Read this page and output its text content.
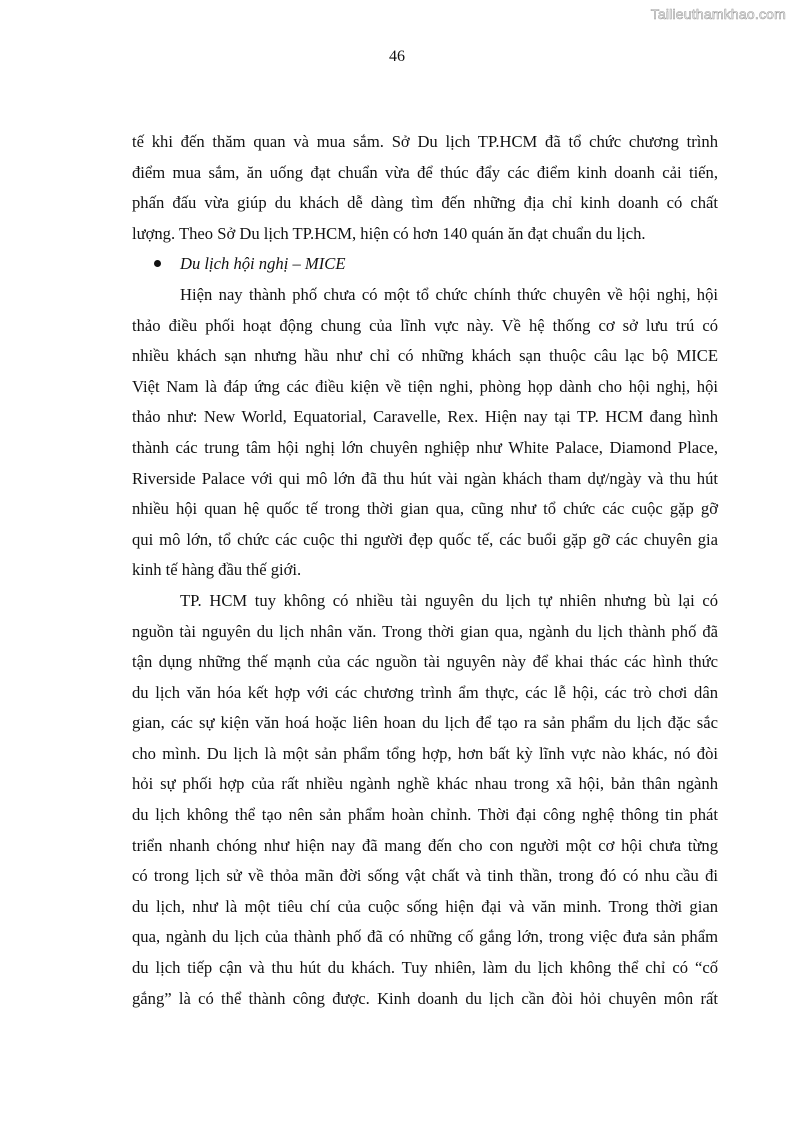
Tailieuthamkhao.com
46
tế khi đến thăm quan và mua sắm. Sở Du lịch TP.HCM đã tổ chức chương trình
điểm mua sắm, ăn uống đạt chuẩn vừa để thúc đẩy các điểm kinh doanh cải tiến,
phấn đấu vừa giúp du khách dễ dàng tìm đến những địa chỉ kinh doanh có chất
lượng. Theo Sở Du lịch TP.HCM, hiện có hơn 140 quán ăn đạt chuẩn du lịch.
Du lịch hội nghị – MICE
Hiện nay thành phố chưa có một tổ chức chính thức chuyên về hội nghị, hội
thảo điều phối hoạt động chung của lĩnh vực này. Về hệ thống cơ sở lưu trú có
nhiều khách sạn nhưng hầu như chỉ có những khách sạn thuộc câu lạc bộ MICE
Việt Nam là đáp ứng các điều kiện về tiện nghi, phòng họp dành cho hội nghị, hội
thảo như: New World, Equatorial, Caravelle, Rex. Hiện nay tại TP. HCM đang hình
thành các trung tâm hội nghị lớn chuyên nghiệp như White Palace, Diamond Place,
Riverside Palace với qui mô lớn đã thu hút vài ngàn khách tham dự/ngày và thu hút
nhiều hội quan hệ quốc tế trong thời gian qua, cũng như tổ chức các cuộc gặp gỡ
qui mô lớn, tổ chức các cuộc thi người đẹp quốc tế, các buổi gặp gỡ các chuyên gia
kinh tế hàng đầu thế giới.
TP. HCM tuy không có nhiều tài nguyên du lịch tự nhiên nhưng bù lại có
nguồn tài nguyên du lịch nhân văn. Trong thời gian qua, ngành du lịch thành phố đã
tận dụng những thế mạnh của các nguồn tài nguyên này để khai thác các hình thức
du lịch văn hóa kết hợp với các chương trình ẩm thực, các lễ hội, các trò chơi dân
gian, các sự kiện văn hoá hoặc liên hoan du lịch để tạo ra sản phẩm du lịch đặc sắc
cho mình. Du lịch là một sản phẩm tổng hợp, hơn bất kỳ lĩnh vực nào khác, nó đòi
hỏi sự phối hợp của rất nhiều ngành nghề khác nhau trong xã hội, bản thân ngành
du lịch không thể tạo nên sản phẩm hoàn chỉnh. Thời đại công nghệ thông tin phát
triển nhanh chóng như hiện nay đã mang đến cho con người một cơ hội chưa từng
có trong lịch sử về thỏa mãn đời sống vật chất và tinh thần, trong đó có nhu cầu đi
du lịch, như là một tiêu chí của cuộc sống hiện đại và văn minh. Trong thời gian
qua, ngành du lịch của thành phố đã có những cố gắng lớn, trong việc đưa sản phẩm
du lịch tiếp cận và thu hút du khách. Tuy nhiên, làm du lịch không thể chỉ có “cố
gắng” là có thể thành công được. Kinh doanh du lịch cần đòi hỏi chuyên môn rất
